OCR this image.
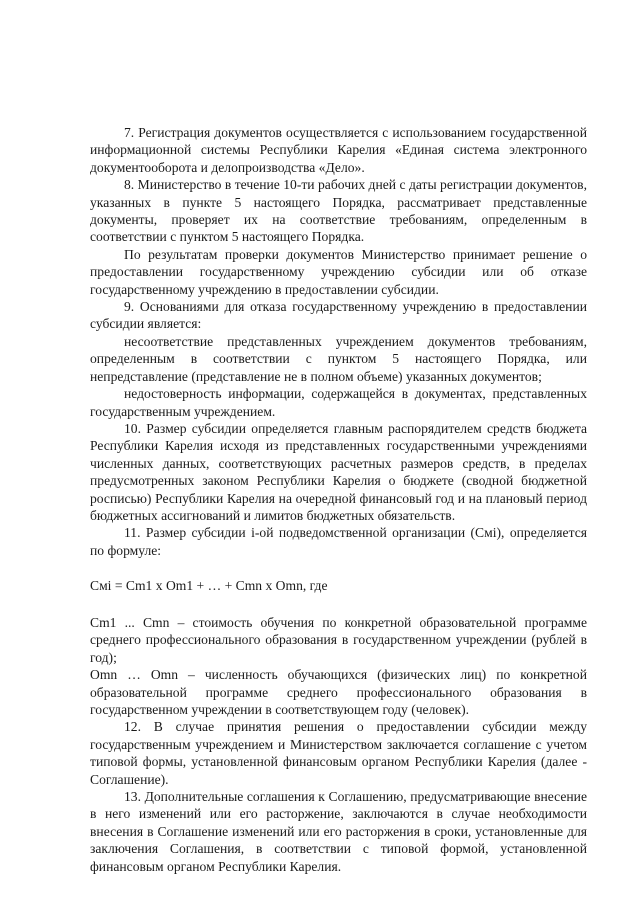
7. Регистрация документов осуществляется с использованием государственной информационной системы Республики Карелия «Единая система электронного документооборота и делопроизводства «Дело».

8. Министерство в течение 10-ти рабочих дней с даты регистрации документов, указанных в пункте 5 настоящего Порядка, рассматривает представленные документы, проверяет их на соответствие требованиям, определенным в соответствии с пунктом 5 настоящего Порядка.

По результатам проверки документов Министерство принимает решение о предоставлении государственному учреждению субсидии или об отказе государственному учреждению в предоставлении субсидии.

9. Основаниями для отказа государственному учреждению в предоставлении субсидии является:

несоответствие представленных учреждением документов требованиям, определенным в соответствии с пунктом 5 настоящего Порядка, или непредставление (представление не в полном объеме) указанных документов;

недостоверность информации, содержащейся в документах, представленных государственным учреждением.

10. Размер субсидии определяется главным распорядителем средств бюджета Республики Карелия исходя из представленных государственными учреждениями численных данных, соответствующих расчетных размеров средств, в пределах предусмотренных законом Республики Карелия о бюджете (сводной бюджетной росписью) Республики Карелия на очередной финансовый год и на плановый период бюджетных ассигнований и лимитов бюджетных обязательств.

11. Размер субсидии i-ой подведомственной организации (Cмi), определяется по формуле:

Смi = Cm1 x Om1 + … + Cmn x Omn, где

Cm1 ... Cmn – стоимость обучения по конкретной образовательной программе среднего профессионального образования в государственном учреждении (рублей в год);

Omn … Omn – численность обучающихся (физических лиц) по конкретной образовательной программе среднего профессионального образования в государственном учреждении в соответствующем году (человек).

12. В случае принятия решения о предоставлении субсидии между государственным учреждением и Министерством заключается соглашение с учетом типовой формы, установленной финансовым органом Республики Карелия (далее - Соглашение).

13. Дополнительные соглашения к Соглашению, предусматривающие внесение в него изменений или его расторжение, заключаются в случае необходимости внесения в Соглашение изменений или его расторжения в сроки, установленные для заключения Соглашения, в соответствии с типовой формой, установленной финансовым органом Республики Карелия.
